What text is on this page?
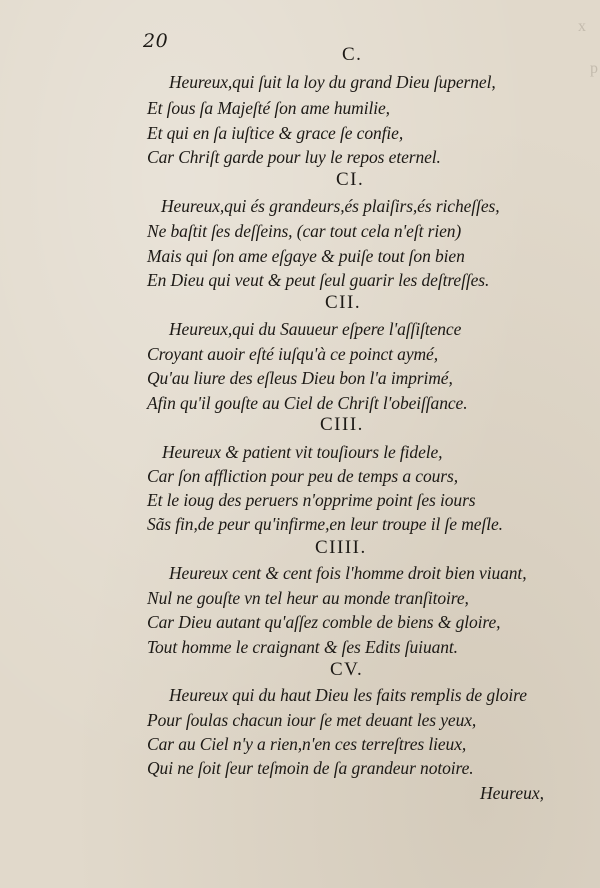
x
p
20
C.
Heureux,qui ſuit la loy du grand Dieu ſupernel,
Et ſous ſa Majeſté ſon ame humilie,
Et qui en ſa iuſtice & grace ſe confie,
Car Chriſt garde pour luy le repos eternel.
CI.
Heureux,qui és grandeurs,és plaiſirs,és richeſſes,
Ne baſtit ſes deſſeins, (car tout cela n'eſt rien)
Mais qui ſon ame eſgaye & puiſe tout ſon bien
En Dieu qui veut & peut ſeul guarir les deſtreſſes.
CII.
Heureux,qui du Sauueur eſpere l'aſſiſtence
Croyant auoir eſté iuſqu'à ce poinct aymé,
Qu'au liure des eſleus Dieu bon l'a imprimé,
Afin qu'il gouſte au Ciel de Chriſt l'obeiſſance.
CIII.
Heureux & patient vit touſiours le fidele,
Car ſon affliction pour peu de temps a cours,
Et le ioug des peruers n'opprime point ſes iours
Sãs fin,de peur qu'infirme,en leur troupe il ſe meſle.
CIIII.
Heureux cent & cent fois l'homme droit bien viuant,
Nul ne gouſte vn tel heur au monde tranſitoire,
Car Dieu autant qu'aſſez comble de biens & gloire,
Tout homme le craignant & ſes Edits ſuiuant.
CV.
Heureux qui du haut Dieu les faits remplis de gloire
Pour ſoulas chacun iour ſe met deuant les yeux,
Car au Ciel n'y a rien,n'en ces terreſtres lieux,
Qui ne ſoit ſeur teſmoin de ſa grandeur notoire.
Heureux,
